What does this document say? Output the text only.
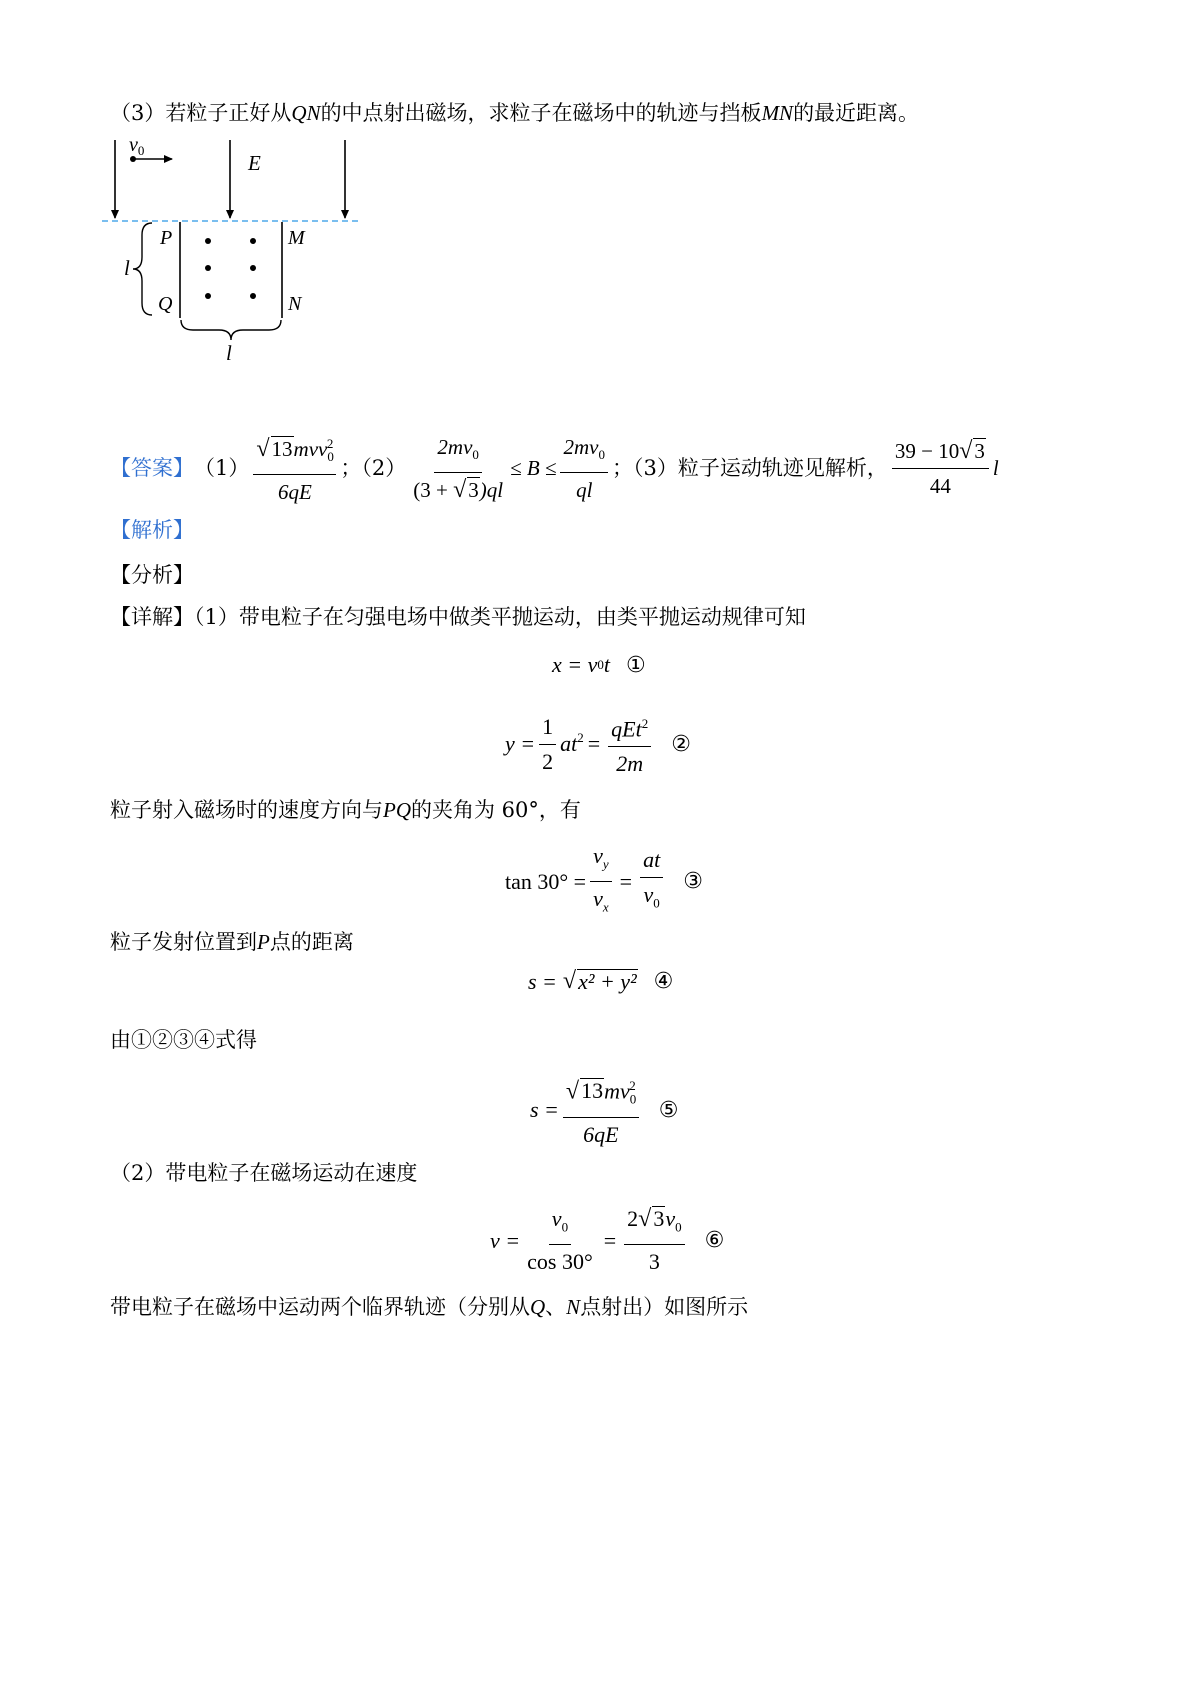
（3）若粒子正好从QN的中点射出磁场，求粒子在磁场中的轨迹与挡板MN的最近距离。
$v_0$
E
P
Q
M
N
l
l
【答案】 $(1) \frac{√13mvv_0^2}{6qE}$ ；$(2) \frac{2mv_0}{(3 + √3)ql} \le B \le \frac{2mv_0}{ql}$ ；（3）粒子运动轨迹见解析， $\frac{39 - 10√3}{44}$ l
【解析】
【分析】
【详解】（1）带电粒子在匀强电场中做类平抛运动，由类平抛运动规律可知
x = v 0 t ①
$y = \frac{1}{2} at^2 = \frac{qEt^2}{2m}$ ②
粒子射入磁场时的速度方向与PQ的夹角为 60°，有
$\tan 30^\circ = \frac{v_y}{v_x} = \frac{at}{v_0}$ ③
粒子发射位置到P点的距离
s = √ x² + y² ④
由①②③④式得
$s = \frac{√13mv_0^2}{6qE}$ ⑤
（2）带电粒子在磁场运动在速度
$v = \frac{v_0}{\cos 30^\circ} = \frac{2√3v_0}{3}$ ⑥
带电粒子在磁场中运动两个临界轨迹（分别从Q、N点射出）如图所示
